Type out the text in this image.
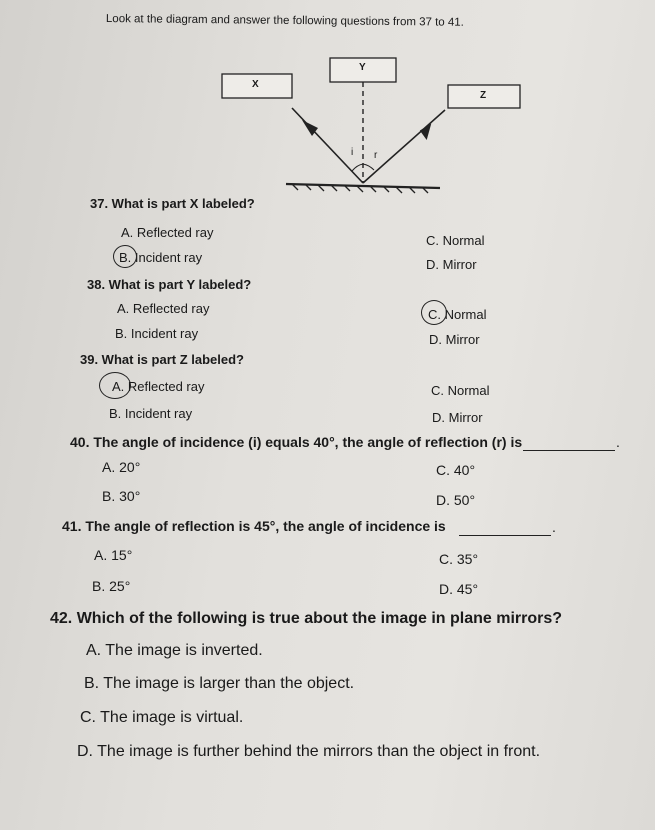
Look at the diagram and answer the following questions from 37 to 41.
X
Y
Z
i r
37. What is part X labeled?
A. Reflected ray
B. Incident ray
C. Normal
D. Mirror
38. What is part Y labeled?
A. Reflected ray
B. Incident ray
C. Normal
D. Mirror
39. What is part Z labeled?
A. Reflected ray
B. Incident ray
C. Normal
D. Mirror
40. The angle of incidence (i) equals 40°, the angle of reflection (r) is	.
A. 20°
B. 30°
C. 40°
D. 50°
41. The angle of reflection is 45°, the angle of incidence is	.
A. 15°
B. 25°
C. 35°
D. 45°
42. Which of the following is true about the image in plane mirrors?
A. The image is inverted.
B. The image is larger than the object.
C. The image is virtual.
D. The image is further behind the mirrors than the object in front.
